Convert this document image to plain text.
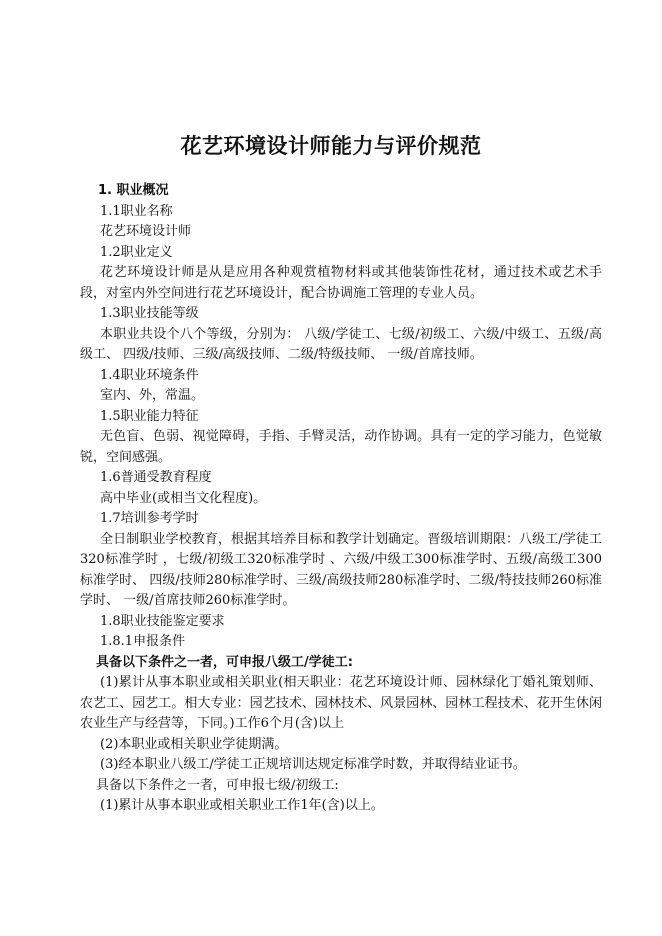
花艺环境设计师能力与评价规范

1. 职业概况

1.1职业名称

花艺环境设计师

1.2职业定义

花艺环境设计师是从是应用各种观赏植物材料或其他装饰性花材，通过技术或艺术手段，对室内外空间进行花艺环境设计，配合协调施工管理的专业人员。

1.3职业技能等级

本职业共设个八个等级，分别为： 八级/学徒工、七级/初级工、六级/中级工、五级/高级工、 四级/技师、三级/高级技师、二级/特级技师、 一级/首席技师。

1.4职业环境条件

室内、外，常温。

1.5职业能力特征

无色盲、色弱、视觉障碍，手指、手臂灵活，动作协调。具有一定的学习能力，色觉敏锐，空间感强。

1.6普通受教育程度

高中毕业(或相当文化程度)。

1.7培训参考学时

全日制职业学校教育，根据其培养目标和教学计划确定。晋级培训期限：八级工/学徒工320标准学时 ，七级/初级工320标准学时 、六级/中级工300标准学时、五级/高级工300标准学时、 四级/技师280标准学时、三级/高级技师280标准学时、二级/特技技师260标准学时、 一级/首席技师260标准学时。

1.8职业技能鉴定要求

1.8.1申报条件

具备以下条件之一者，可申报八级工/学徒工:

(1)累计从事本职业或相关职业(相天职业：花艺环境设计师、园林绿化丁婚礼策划师、农艺工、园艺工。相大专业：园艺技术、园林技术、风景园林、园林工程技术、花开生休闲农业生产与经营等，下同。)工作6个月(含)以上

(2)本职业或相关职业学徒期满。

(3)经本职业八级工/学徒工正规培训达规定标准学时数，并取得结业证书。

具备以下条件之一者，可申报七级/初级工:

(1)累计从事本职业或相关职业工作1年(含)以上。
